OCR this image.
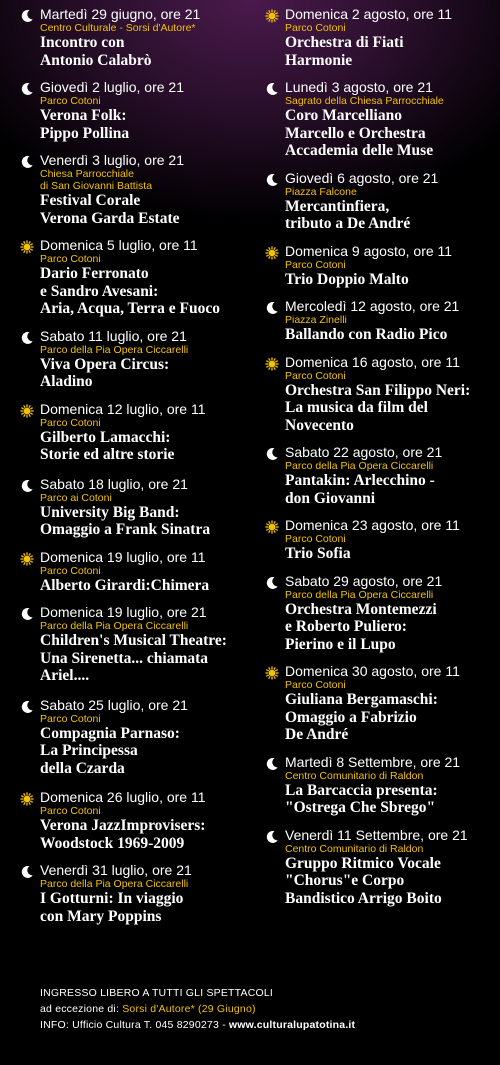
Martedì 29 giugno, ore 21
Centro Culturale - Sorsi d'Autore*
Incontro con
Antonio Calabrò
Giovedì 2 luglio, ore 21
Parco Cotoni
Verona Folk:
Pippo Pollina
Venerdì 3 luglio, ore 21
Chiesa Parrocchiale
di San Giovanni Battista
Festival Corale
Verona Garda Estate
Domenica 5 luglio, ore 11
Parco Cotoni
Dario Ferronato
e Sandro Avesani:
Aria, Acqua, Terra e Fuoco
Sabato 11 luglio, ore 21
Parco della Pia Opera Ciccarelli
Viva Opera Circus:
Aladino
Domenica 12 luglio, ore 11
Parco Cotoni
Gilberto Lamacchi:
Storie ed altre storie
Sabato 18 luglio, ore 21
Parco ai Cotoni
University Big Band:
Omaggio a Frank Sinatra
Domenica 19 luglio, ore 11
Parco Cotoni
Alberto Girardi:Chimera
Domenica 19 luglio, ore 21
Parco della Pia Opera Ciccarelli
Children's Musical Theatre:
Una Sirenetta... chiamata
Ariel....
Sabato 25 luglio, ore 21
Parco Cotoni
Compagnia Parnaso:
La Principessa
della Czarda
Domenica 26 luglio, ore 11
Parco Cotoni
Verona JazzImprovisers:
Woodstock 1969-2009
Venerdì 31 luglio, ore 21
Parco della Pia Opera Ciccarelli
I Gotturni: In viaggio
con Mary Poppins
Domenica 2 agosto, ore 11
Parco Cotoni
Orchestra di Fiati
Harmonie
Lunedì 3 agosto, ore 21
Sagrato della Chiesa Parrocchiale
Coro Marcelliano
Marcello e Orchestra
Accademia delle Muse
Giovedì 6 agosto, ore 21
Piazza Falcone
Mercantinfiera,
tributo a De André
Domenica 9 agosto, ore 11
Parco Cotoni
Trio Doppio Malto
Mercoledì 12 agosto, ore 21
Piazza Zinelli
Ballando con Radio Pico
Domenica 16 agosto, ore 11
Parco Cotoni
Orchestra San Filippo Neri:
La musica da film del
Novecento
Sabato 22 agosto, ore 21
Parco della Pia Opera Ciccarelli
Pantakin: Arlecchino -
don Giovanni
Domenica 23 agosto, ore 11
Parco Cotoni
Trio Sofia
Sabato 29 agosto, ore 21
Parco della Pia Opera Ciccarelli
Orchestra Montemezzi
e Roberto Puliero:
Pierino e il Lupo
Domenica 30 agosto, ore 11
Parco Cotoni
Giuliana Bergamaschi:
Omaggio a Fabrizio
De André
Martedì 8 Settembre, ore 21
Centro Comunitario di Raldon
La Barcaccia presenta:
"Ostrega Che Sbrego"
Venerdì 11 Settembre, ore 21
Centro Comunitario di Raldon
Gruppo Ritmico Vocale
"Chorus"e Corpo
Bandistico Arrigo Boito
INGRESSO LIBERO A TUTTI GLI SPETTACOLI
ad eccezione di: Sorsi d'Autore* (29 Giugno)
INFO: Ufficio Cultura T. 045 8290273 - www.culturalupatotina.it
